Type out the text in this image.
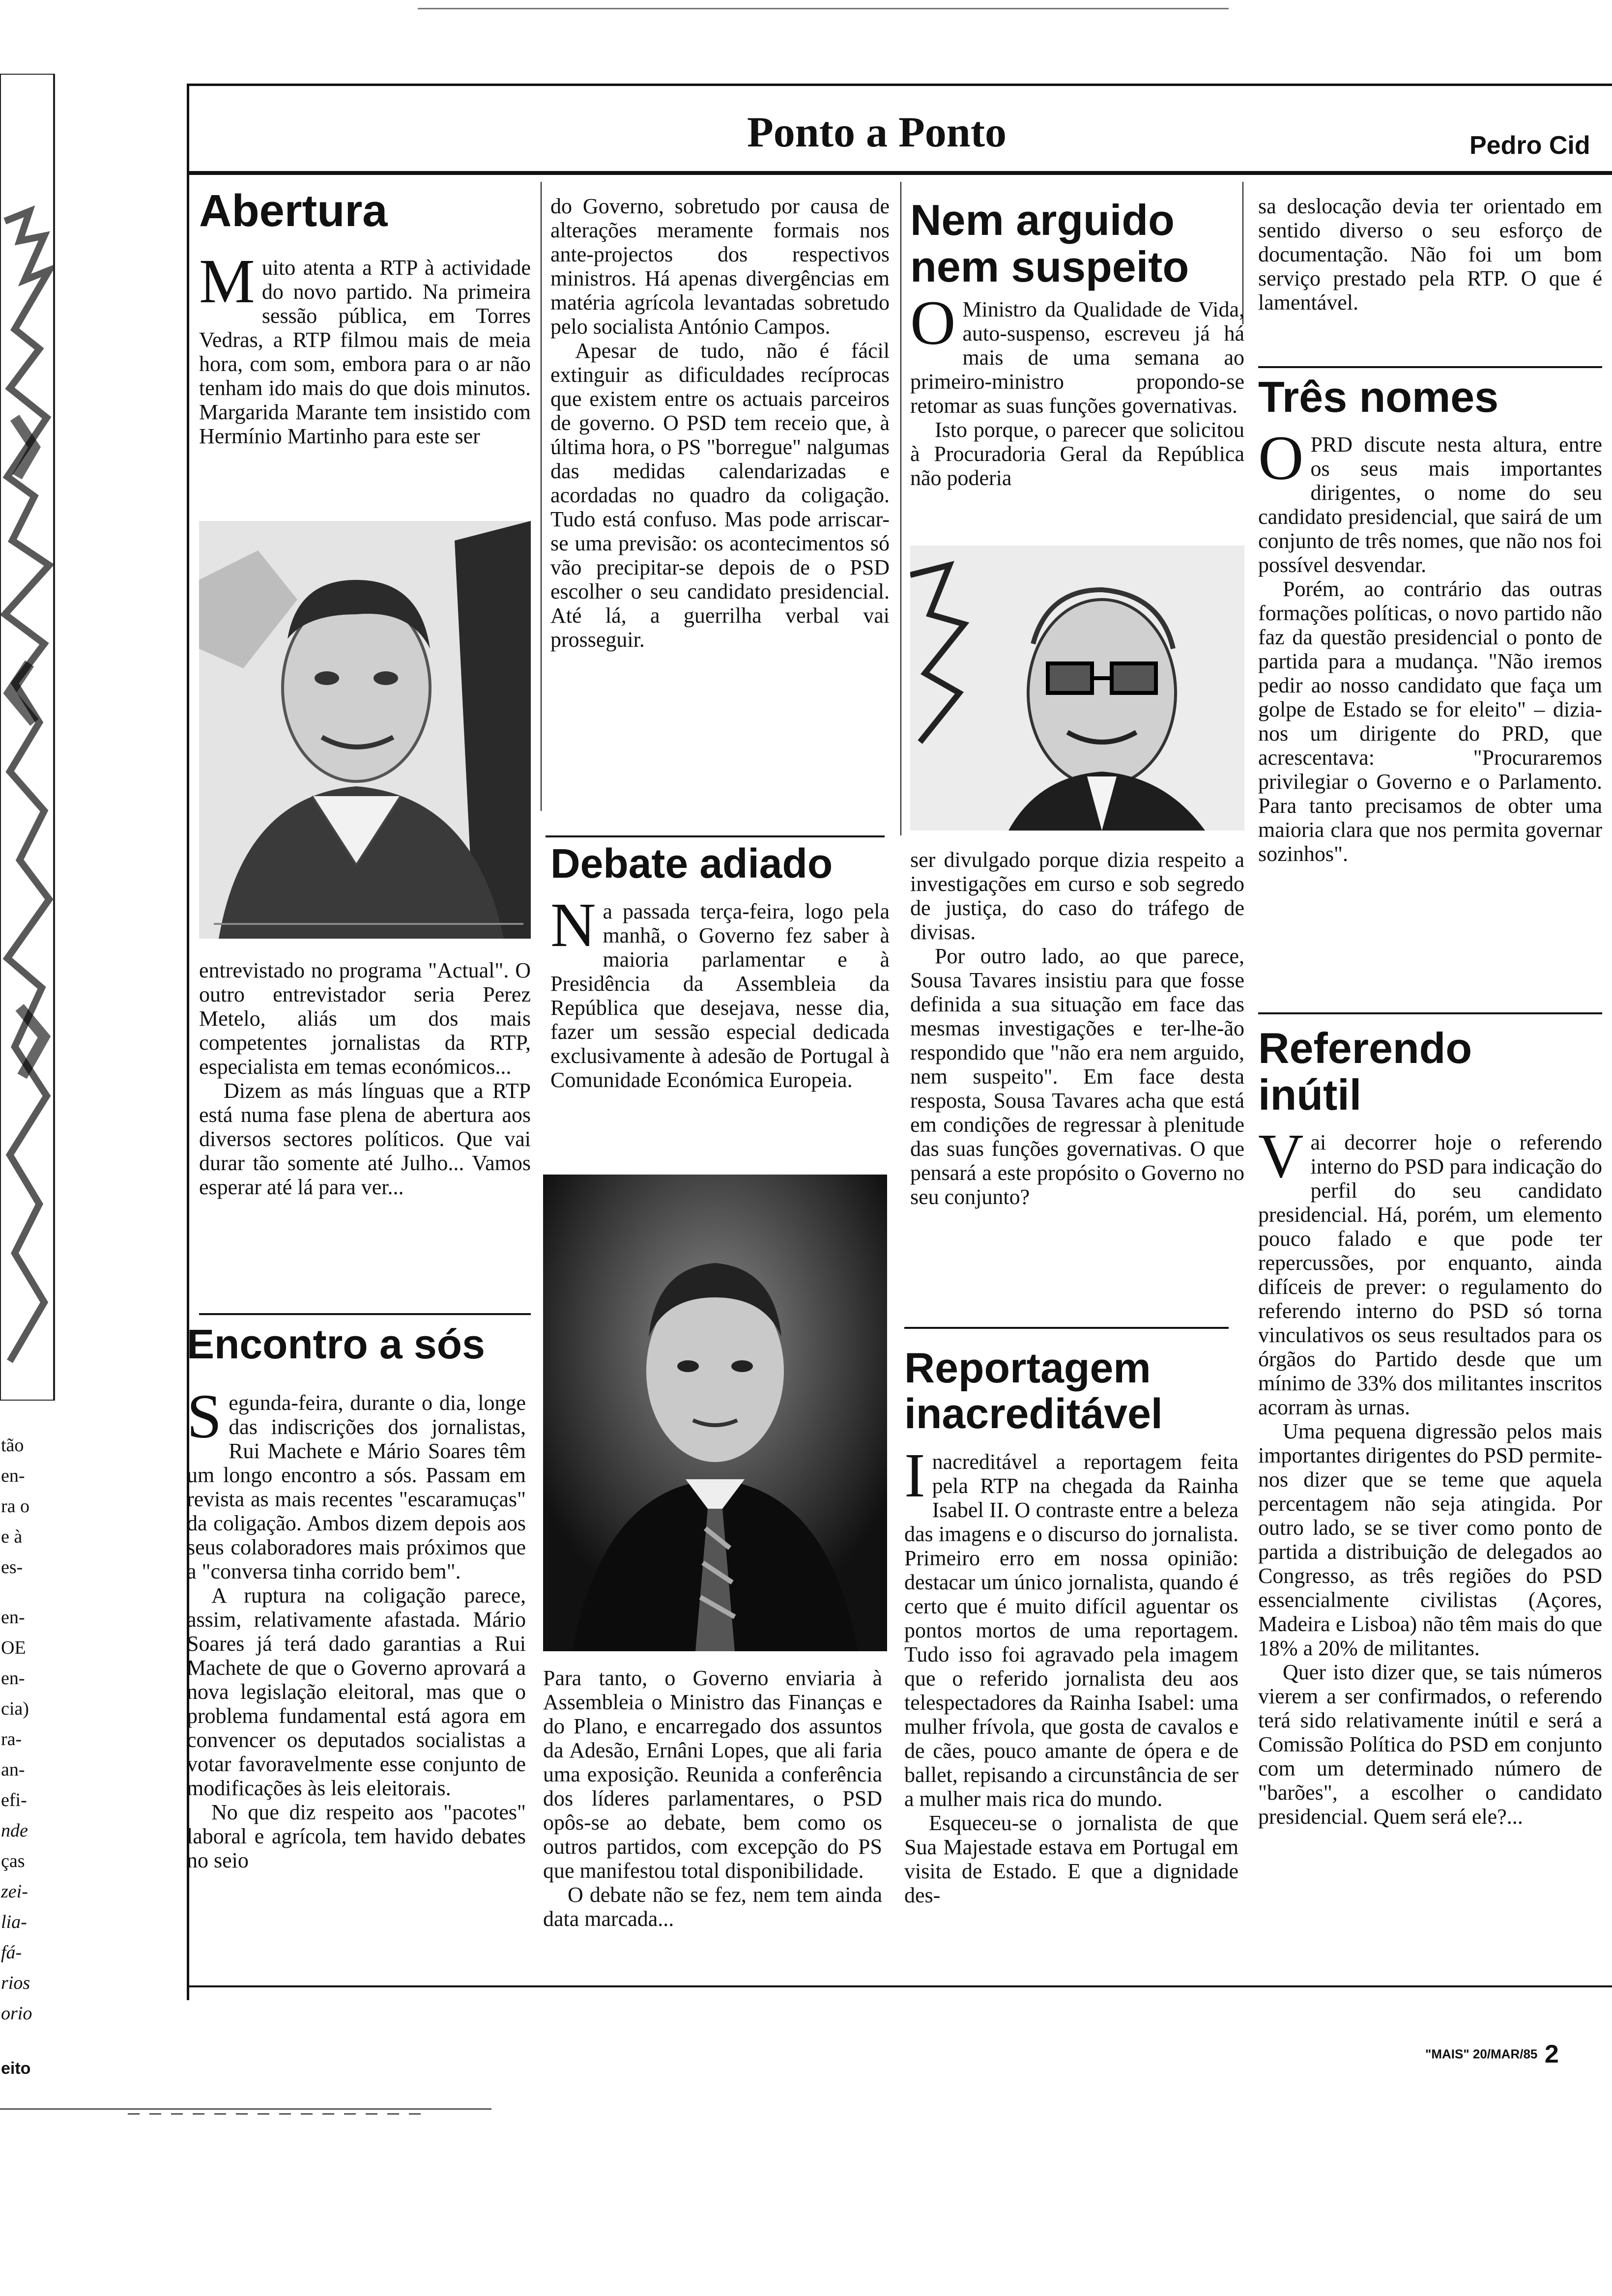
tão
en-
ra o
e à
es-
en-
OE
en-
cia)
ra-
an-
efi-
nde
ças
zei-
lia-
fá-
rios
orio
eito
Ponto a Ponto	Pedro Cid
Abertura

Muito atenta a RTP à actividade do novo partido. Na primeira sessão pública, em Torres Vedras, a RTP filmou mais de meia hora, com som, embora para o ar não tenham ido mais do que dois minutos. Margarida Marante tem insistido com Hermínio Martinho para este ser

entrevistado no programa "Actual". O outro entrevistador seria Perez Metelo, aliás um dos mais competentes jornalistas da RTP, especialista em temas económicos...

Dizem as más línguas que a RTP está numa fase plena de abertura aos diversos sectores políticos. Que vai durar tão somente até Julho... Vamos esperar até lá para ver...

Encontro a sós

Segunda-feira, durante o dia, longe das indiscrições dos jornalistas, Rui Machete e Mário Soares têm um longo encontro a sós. Passam em revista as mais recentes "escaramuças" da coligação. Ambos dizem depois aos seus colaboradores mais próximos que a "conversa tinha corrido bem".

A ruptura na coligação parece, assim, relativamente afastada. Mário Soares já terá dado garantias a Rui Machete de que o Governo aprovará a nova legislação eleitoral, mas que o problema fundamental está agora em convencer os deputados socialistas a votar favoravelmente esse conjunto de modificações às leis eleitorais.

No que diz respeito aos "pacotes" laboral e agrícola, tem havido debates no seio

do Governo, sobretudo por causa de alterações meramente formais nos ante-projectos dos respectivos ministros. Há apenas divergências em matéria agrícola levantadas sobretudo pelo socialista António Campos.

Apesar de tudo, não é fácil extinguir as dificuldades recíprocas que existem entre os actuais parceiros de governo. O PSD tem receio que, à última hora, o PS "borregue" nalgumas das medidas calendarizadas e acordadas no quadro da coligação. Tudo está confuso. Mas pode arriscar-se uma previsão: os acontecimentos só vão precipitar-se depois de o PSD escolher o seu candidato presidencial. Até lá, a guerrilha verbal vai prosseguir.

Debate adiado

Na passada terça-feira, logo pela manhã, o Governo fez saber à maioria parlamentar e à Presidência da Assembleia da República que desejava, nesse dia, fazer um sessão especial dedicada exclusivamente à adesão de Portugal à Comunidade Económica Europeia.

Para tanto, o Governo enviaria à Assembleia o Ministro das Finanças e do Plano, e encarregado dos assuntos da Adesão, Ernâni Lopes, que ali faria uma exposição. Reunida a conferência dos líderes parlamentares, o PSD opôs-se ao debate, bem como os outros partidos, com excepção do PS que manifestou total disponibilidade.

O debate não se fez, nem tem ainda data marcada...

Nem arguido
nem suspeito

O Ministro da Qualidade de Vida, auto-suspenso, escreveu já há mais de uma semana ao primeiro-ministro propondo-se retomar as suas funções governativas.

Isto porque, o parecer que solicitou à Procuradoria Geral da República não poderia

ser divulgado porque dizia respeito a investigações em curso e sob segredo de justiça, do caso do tráfego de divisas.

Por outro lado, ao que parece, Sousa Tavares insistiu para que fosse definida a sua situação em face das mesmas investigações e ter-lhe-ão respondido que "não era nem arguido, nem suspeito". Em face desta resposta, Sousa Tavares acha que está em condições de regressar à plenitude das suas funções governativas. O que pensará a este propósito o Governo no seu conjunto?

Reportagem
inacreditável

Inacreditável a reportagem feita pela RTP na chegada da Rainha Isabel II. O contraste entre a beleza das imagens e o discurso do jornalista. Primeiro erro em nossa opinião: destacar um único jornalista, quando é certo que é muito difícil aguentar os pontos mortos de uma reportagem. Tudo isso foi agravado pela imagem que o referido jornalista deu aos telespectadores da Rainha Isabel: uma mulher frívola, que gosta de cavalos e de cães, pouco amante de ópera e de ballet, repisando a circunstância de ser a mulher mais rica do mundo.

Esqueceu-se o jornalista de que Sua Majestade estava em Portugal em visita de Estado. E que a dignidade des-

sa deslocação devia ter orientado em sentido diverso o seu esforço de documentação. Não foi um bom serviço prestado pela RTP. O que é lamentável.

Três nomes

OPRD discute nesta altura, entre os seus mais importantes dirigentes, o nome do seu candidato presidencial, que sairá de um conjunto de três nomes, que não nos foi possível desvendar.

Porém, ao contrário das outras formações políticas, o novo partido não faz da questão presidencial o ponto de partida para a mudança. "Não iremos pedir ao nosso candidato que faça um golpe de Estado se for eleito" – dizia-nos um dirigente do PRD, que acrescentava: "Procuraremos privilegiar o Governo e o Parlamento. Para tanto precisamos de obter uma maioria clara que nos permita governar sozinhos".

Referendo
inútil

Vai decorrer hoje o referendo interno do PSD para indicação do perfil do seu candidato presidencial. Há, porém, um elemento pouco falado e que pode ter repercussões, por enquanto, ainda difíceis de prever: o regulamento do referendo interno do PSD só torna vinculativos os seus resultados para os órgãos do Partido desde que um mínimo de 33% dos militantes inscritos acorram às urnas.

Uma pequena digressão pelos mais importantes dirigentes do PSD permite-nos dizer que se teme que aquela percentagem não seja atingida. Por outro lado, se se tiver como ponto de partida a distribuição de delegados ao Congresso, as três regiões do PSD essencialmente civilistas (Açores, Madeira e Lisboa) não têm mais do que 18% a 20% de militantes.

Quer isto dizer que, se tais números vierem a ser confirmados, o referendo terá sido relativamente inútil e será a Comissão Política do PSD em conjunto com um determinado número de "barões", a escolher o candidato presidencial. Quem será ele?...

"MAIS" 20/MAR/85 2
